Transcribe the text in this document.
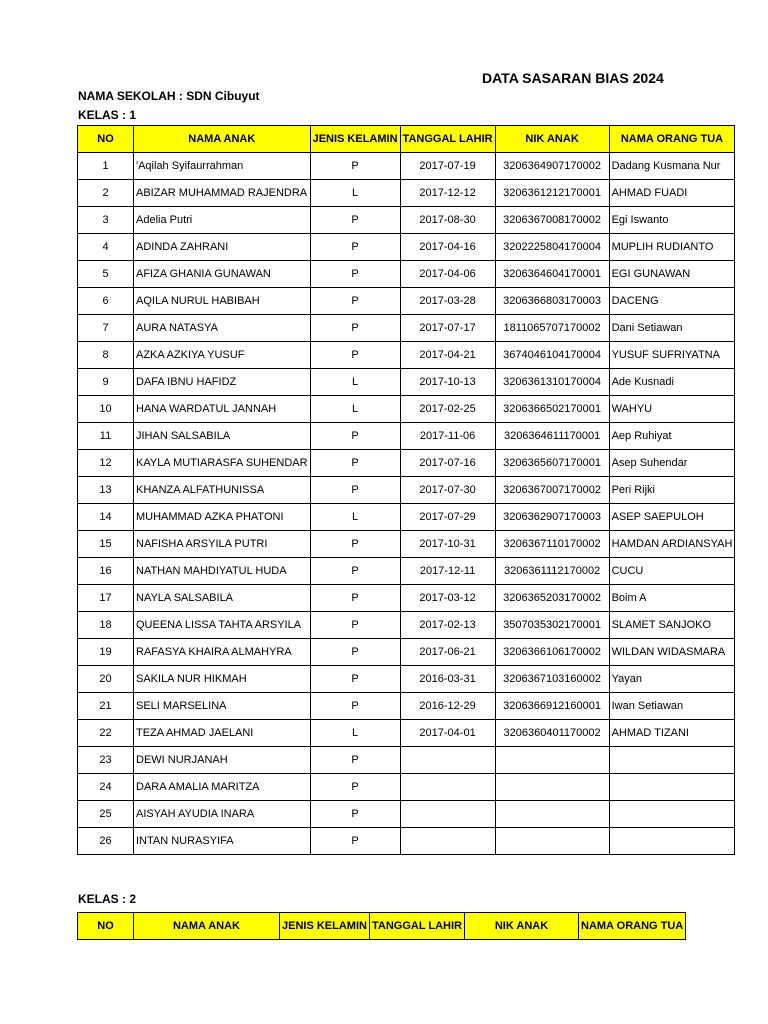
DATA SASARAN BIAS 2024
NAMA SEKOLAH : SDN Cibuyut
KELAS : 1
NO	NAMA ANAK	JENIS KELAMIN	TANGGAL LAHIR	NIK ANAK	NAMA ORANG TUA
1	'Aqilah Syifaurrahman	P	2017-07-19	3206364907170002	Dadang Kusmana Nur
2	ABIZAR MUHAMMAD RAJENDRA	L	2017-12-12	3206361212170001	AHMAD FUADI
3	Adelia Putri	P	2017-08-30	3206367008170002	Egi Iswanto
4	ADINDA ZAHRANI	P	2017-04-16	3202225804170004	MUPLIH RUDIANTO
5	AFIZA GHANIA GUNAWAN	P	2017-04-06	3206364604170001	EGI GUNAWAN
6	AQILA NURUL HABIBAH	P	2017-03-28	3206366803170003	DACENG
7	AURA NATASYA	P	2017-07-17	1811065707170002	Dani Setiawan
8	AZKA AZKIYA YUSUF	P	2017-04-21	3674046104170004	YUSUF SUFRIYATNA
9	DAFA IBNU HAFIDZ	L	2017-10-13	3206361310170004	Ade Kusnadi
10	HANA WARDATUL JANNAH	L	2017-02-25	3206366502170001	WAHYU
11	JIHAN SALSABILA	P	2017-11-06	3206364611170001	Aep Ruhiyat
12	KAYLA MUTIARASFA SUHENDAR	P	2017-07-16	3206365607170001	Asep Suhendar
13	KHANZA ALFATHUNISSA	P	2017-07-30	3206367007170002	Peri Rijki
14	MUHAMMAD AZKA PHATONI	L	2017-07-29	3206362907170003	ASEP SAEPULOH
15	NAFISHA ARSYILA PUTRI	P	2017-10-31	3206367110170002	HAMDAN ARDIANSYAH
16	NATHAN MAHDIYATUL HUDA	P	2017-12-11	3206361112170002	CUCU
17	NAYLA SALSABILA	P	2017-03-12	3206365203170002	Boim A
18	QUEENA LISSA TAHTA ARSYILA	P	2017-02-13	3507035302170001	SLAMET SANJOKO
19	RAFASYA KHAIRA ALMAHYRA	P	2017-06-21	3206366106170002	WILDAN WIDASMARA
20	SAKILA NUR HIKMAH	P	2016-03-31	3206367103160002	Yayan
21	SELI MARSELINA	P	2016-12-29	3206366912160001	Iwan Setiawan
22	TEZA AHMAD JAELANI	L	2017-04-01	3206360401170002	AHMAD TIZANI
23	DEWI NURJANAH	P			
24	DARA AMALIA MARITZA	P			
25	AISYAH AYUDIA INARA	P			
26	INTAN NURASYIFA	P			
KELAS : 2
NO	NAMA ANAK	JENIS KELAMIN	TANGGAL LAHIR	NIK ANAK	NAMA ORANG TUA
